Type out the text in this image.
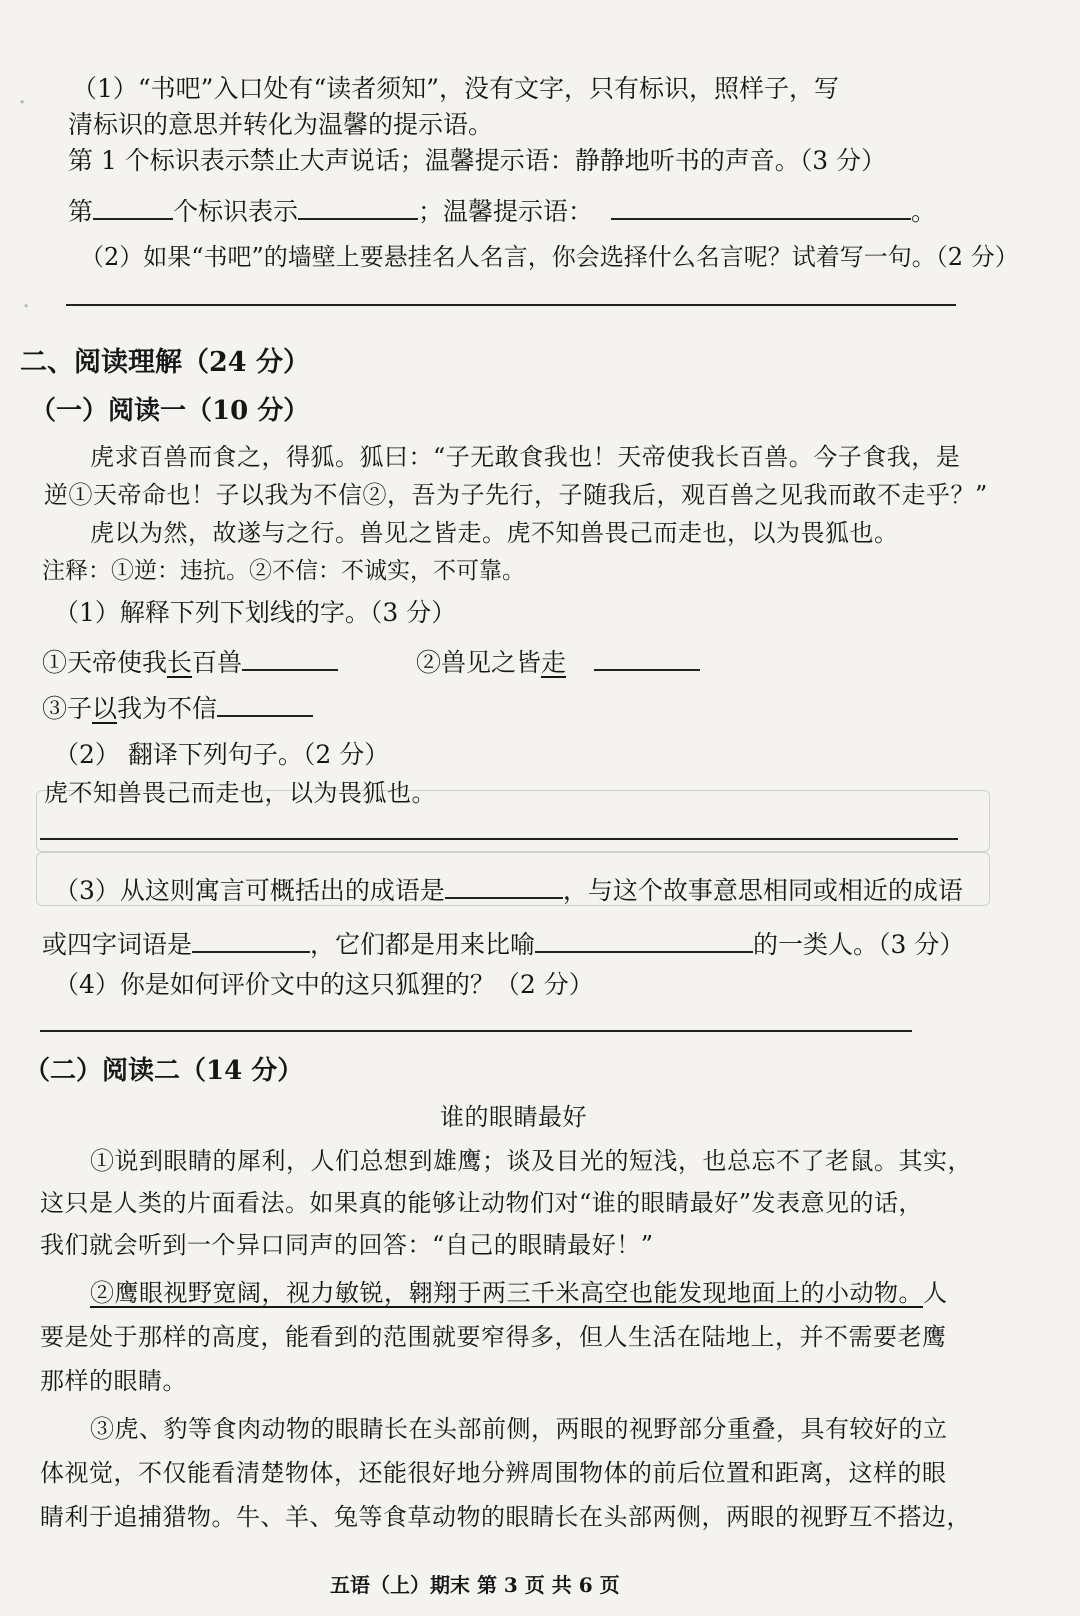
·
·
（1）“书吧”入口处有“读者须知”，没有文字，只有标识，照样子，写
清标识的意思并转化为温馨的提示语。
第 1 个标识表示禁止大声说话；温馨提示语：静静地听书的声音。（3 分）
第	个标识表示	；温馨提示语：	。
（2）如果“书吧”的墙壁上要悬挂名人名言，你会选择什么名言呢？试着写一句。（2 分）
二、阅读理解（24 分）
（一）阅读一（10 分）
虎求百兽而食之，得狐。狐曰：“子无敢食我也！天帝使我长百兽。今子食我，是
逆①天帝命也！子以我为不信②，吾为子先行，子随我后，观百兽之见我而敢不走乎？”
虎以为然，故遂与之行。兽见之皆走。虎不知兽畏己而走也，以为畏狐也。
注释：①逆：违抗。②不信：不诚实，不可靠。
（1）解释下列下划线的字。（3 分）
①天帝使我长百兽	②兽见之皆走
③子以我为不信
（2） 翻译下列句子。（2 分）
虎不知兽畏己而走也，以为畏狐也。
（3）从这则寓言可概括出的成语是	，与这个故事意思相同或相近的成语
或四字词语是	，它们都是用来比喻	的一类人。（3 分）
（4）你是如何评价文中的这只狐狸的？（2 分）
（二）阅读二（14 分）
谁的眼睛最好
①说到眼睛的犀利，人们总想到雄鹰；谈及目光的短浅，也总忘不了老鼠。其实，
这只是人类的片面看法。如果真的能够让动物们对“谁的眼睛最好”发表意见的话，
我们就会听到一个异口同声的回答：“自己的眼睛最好！”
②鹰眼视野宽阔，视力敏锐，翱翔于两三千米高空也能发现地面上的小动物。人
要是处于那样的高度，能看到的范围就要窄得多，但人生活在陆地上，并不需要老鹰
那样的眼睛。
③虎、豹等食肉动物的眼睛长在头部前侧，两眼的视野部分重叠，具有较好的立
体视觉，不仅能看清楚物体，还能很好地分辨周围物体的前后位置和距离，这样的眼
睛利于追捕猎物。牛、羊、兔等食草动物的眼睛长在头部两侧，两眼的视野互不搭边，
五语（上）期末 第 3 页 共 6 页
